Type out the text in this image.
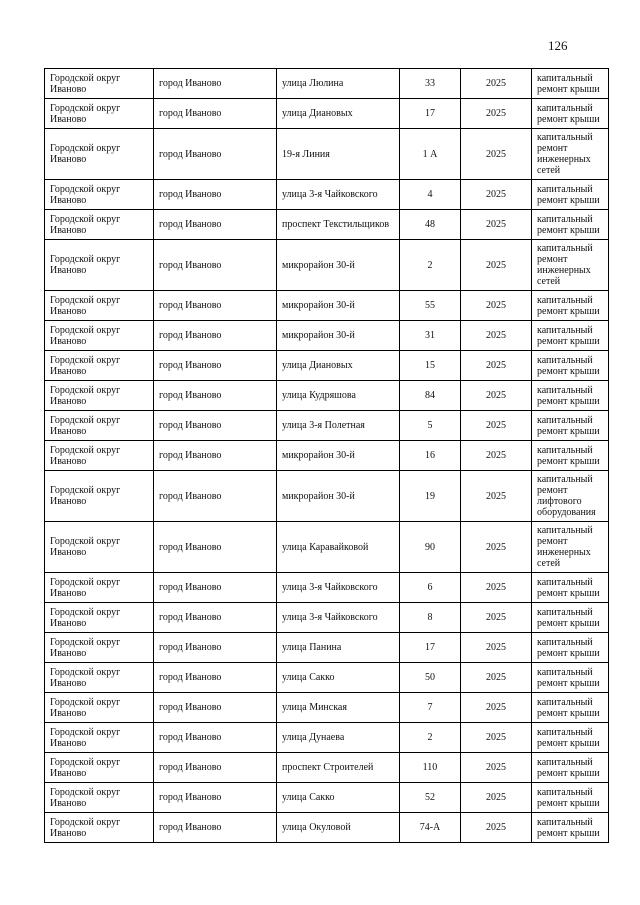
126
Городской округ Иваново	город Иваново	улица Люлина	33	2025	капитальный ремонт крыши
Городской округ Иваново	город Иваново	улица Диановых	17	2025	капитальный ремонт крыши
Городской округ Иваново	город Иваново	19-я Линия	1 А	2025	капитальный ремонт инженерных сетей
Городской округ Иваново	город Иваново	улица 3-я Чайковского	4	2025	капитальный ремонт крыши
Городской округ Иваново	город Иваново	проспект Текстильщиков	48	2025	капитальный ремонт крыши
Городской округ Иваново	город Иваново	микрорайон 30-й	2	2025	капитальный ремонт инженерных сетей
Городской округ Иваново	город Иваново	микрорайон 30-й	55	2025	капитальный ремонт крыши
Городской округ Иваново	город Иваново	микрорайон 30-й	31	2025	капитальный ремонт крыши
Городской округ Иваново	город Иваново	улица Диановых	15	2025	капитальный ремонт крыши
Городской округ Иваново	город Иваново	улица Кудряшова	84	2025	капитальный ремонт крыши
Городской округ Иваново	город Иваново	улица 3-я Полетная	5	2025	капитальный ремонт крыши
Городской округ Иваново	город Иваново	микрорайон 30-й	16	2025	капитальный ремонт крыши
Городской округ Иваново	город Иваново	микрорайон 30-й	19	2025	капитальный ремонт лифтового оборудования
Городской округ Иваново	город Иваново	улица Каравайковой	90	2025	капитальный ремонт инженерных сетей
Городской округ Иваново	город Иваново	улица 3-я Чайковского	6	2025	капитальный ремонт крыши
Городской округ Иваново	город Иваново	улица 3-я Чайковского	8	2025	капитальный ремонт крыши
Городской округ Иваново	город Иваново	улица Панина	17	2025	капитальный ремонт крыши
Городской округ Иваново	город Иваново	улица Сакко	50	2025	капитальный ремонт крыши
Городской округ Иваново	город Иваново	улица Минская	7	2025	капитальный ремонт крыши
Городской округ Иваново	город Иваново	улица Дунаева	2	2025	капитальный ремонт крыши
Городской округ Иваново	город Иваново	проспект Строителей	110	2025	капитальный ремонт крыши
Городской округ Иваново	город Иваново	улица Сакко	52	2025	капитальный ремонт крыши
Городской округ Иваново	город Иваново	улица Окуловой	74-А	2025	капитальный ремонт крыши
